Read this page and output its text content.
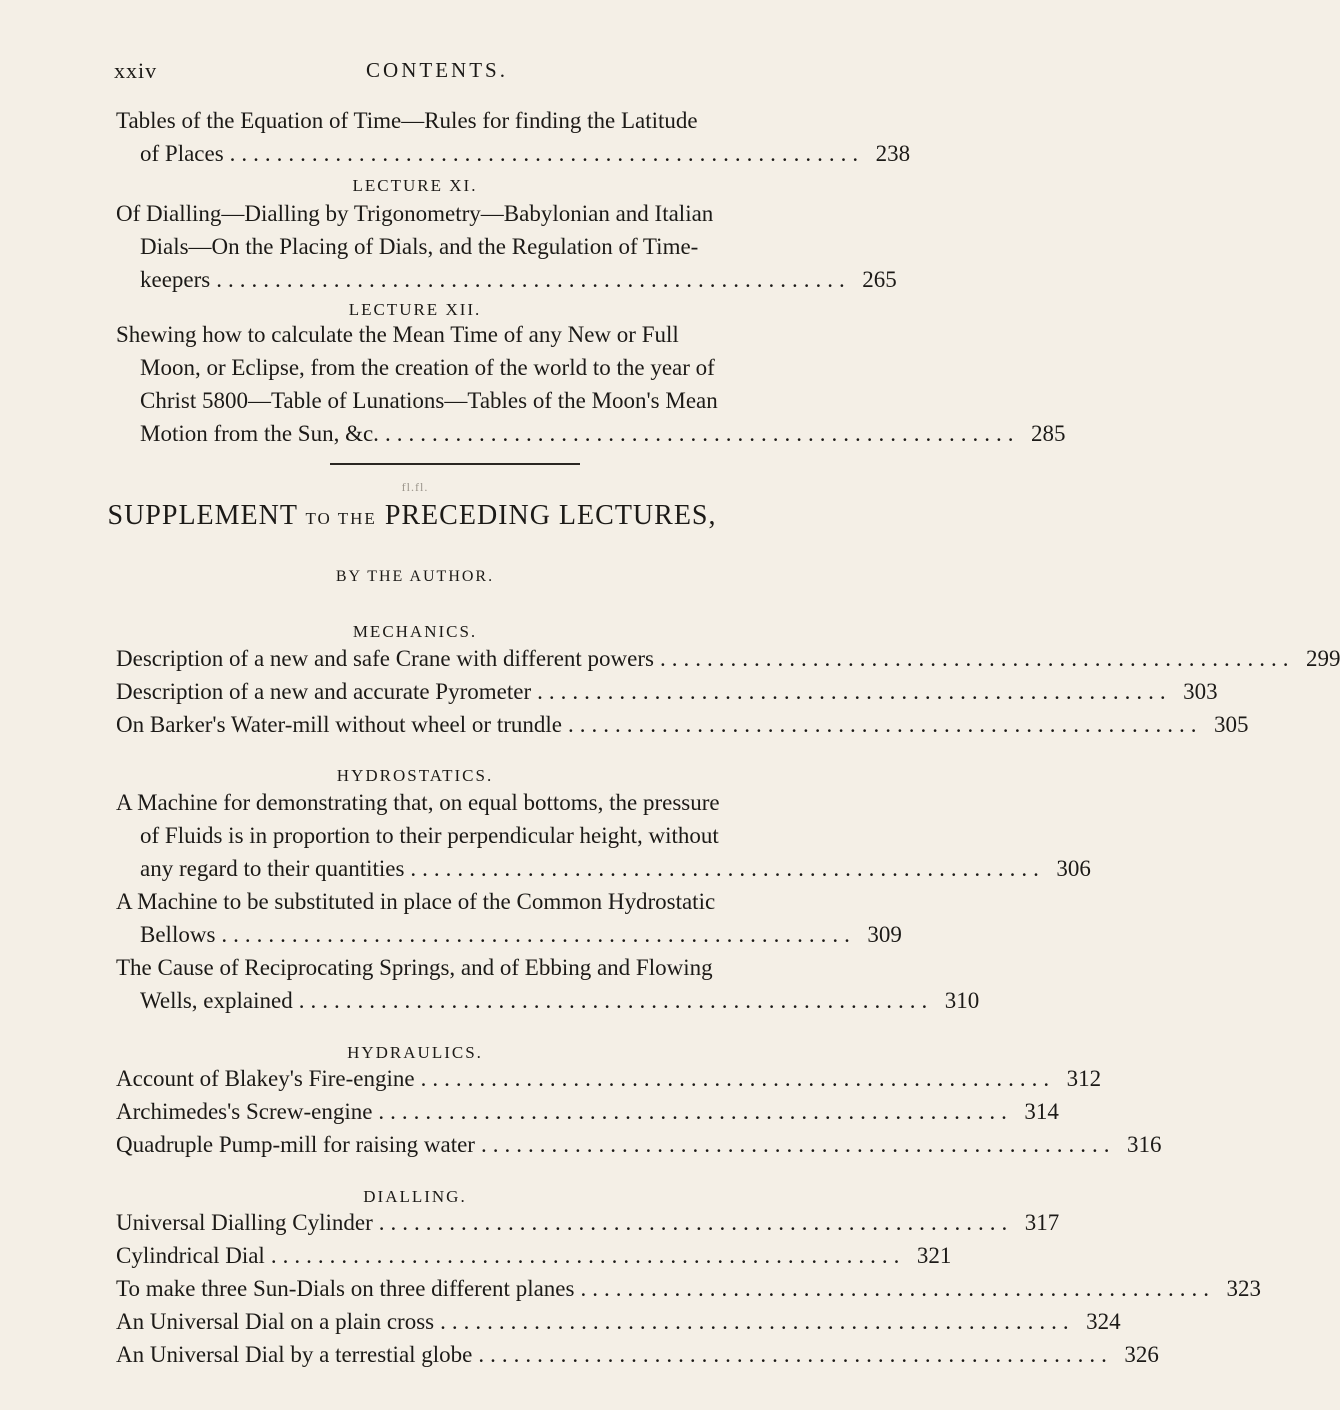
xxiv	CONTENTS.
Tables of the Equation of Time—Rules for finding the Latitude
of Places ...................................................... 238
LECTURE XI.
Of Dialling—Dialling by Trigonometry—Babylonian and Italian
Dials—On the Placing of Dials, and the Regulation of Time-
keepers ...................................................... 265
LECTURE XII.
Shewing how to calculate the Mean Time of any New or Full
Moon, or Eclipse, from the creation of the world to the year of
Christ 5800—Table of Lunations—Tables of the Moon's Mean
Motion from the Sun, &c. ...................................................... 285
fl.fl.
SUPPLEMENT TO THE PRECEDING LECTURES,
BY THE AUTHOR.
MECHANICS.
Description of a new and safe Crane with different powers ...................................................... 299
Description of a new and accurate Pyrometer ...................................................... 303
On Barker's Water-mill without wheel or trundle ...................................................... 305
HYDROSTATICS.
A Machine for demonstrating that, on equal bottoms, the pressure
of Fluids is in proportion to their perpendicular height, without
any regard to their quantities ...................................................... 306
A Machine to be substituted in place of the Common Hydrostatic
Bellows ...................................................... 309
The Cause of Reciprocating Springs, and of Ebbing and Flowing
Wells, explained ...................................................... 310
HYDRAULICS.
Account of Blakey's Fire-engine ...................................................... 312
Archimedes's Screw-engine ...................................................... 314
Quadruple Pump-mill for raising water ...................................................... 316
DIALLING.
Universal Dialling Cylinder ...................................................... 317
Cylindrical Dial ...................................................... 321
To make three Sun-Dials on three different planes ...................................................... 323
An Universal Dial on a plain cross ...................................................... 324
An Universal Dial by a terrestial globe ...................................................... 326
